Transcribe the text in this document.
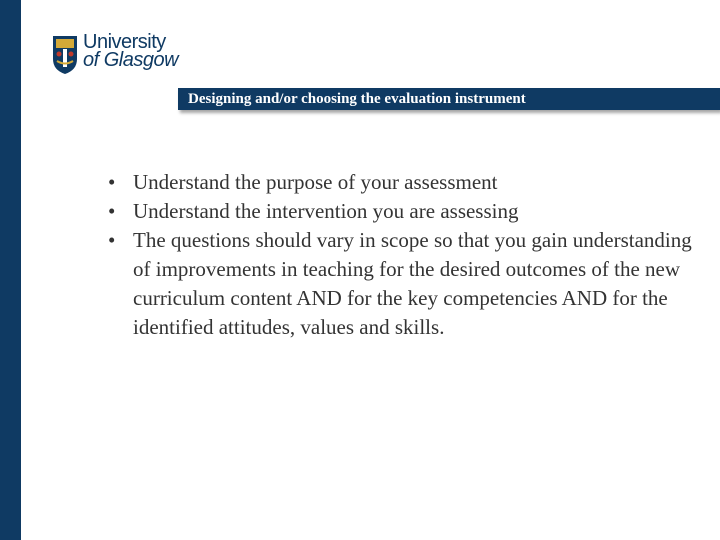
University
of Glasgow
Designing and/or choosing the evaluation instrument
• Understand the purpose of your assessment
• Understand the intervention you are assessing
• The questions should vary in scope so that you gain understanding of improvements in teaching for the desired outcomes of the new curriculum content AND for the key competencies AND for the identified attitudes, values and skills.
